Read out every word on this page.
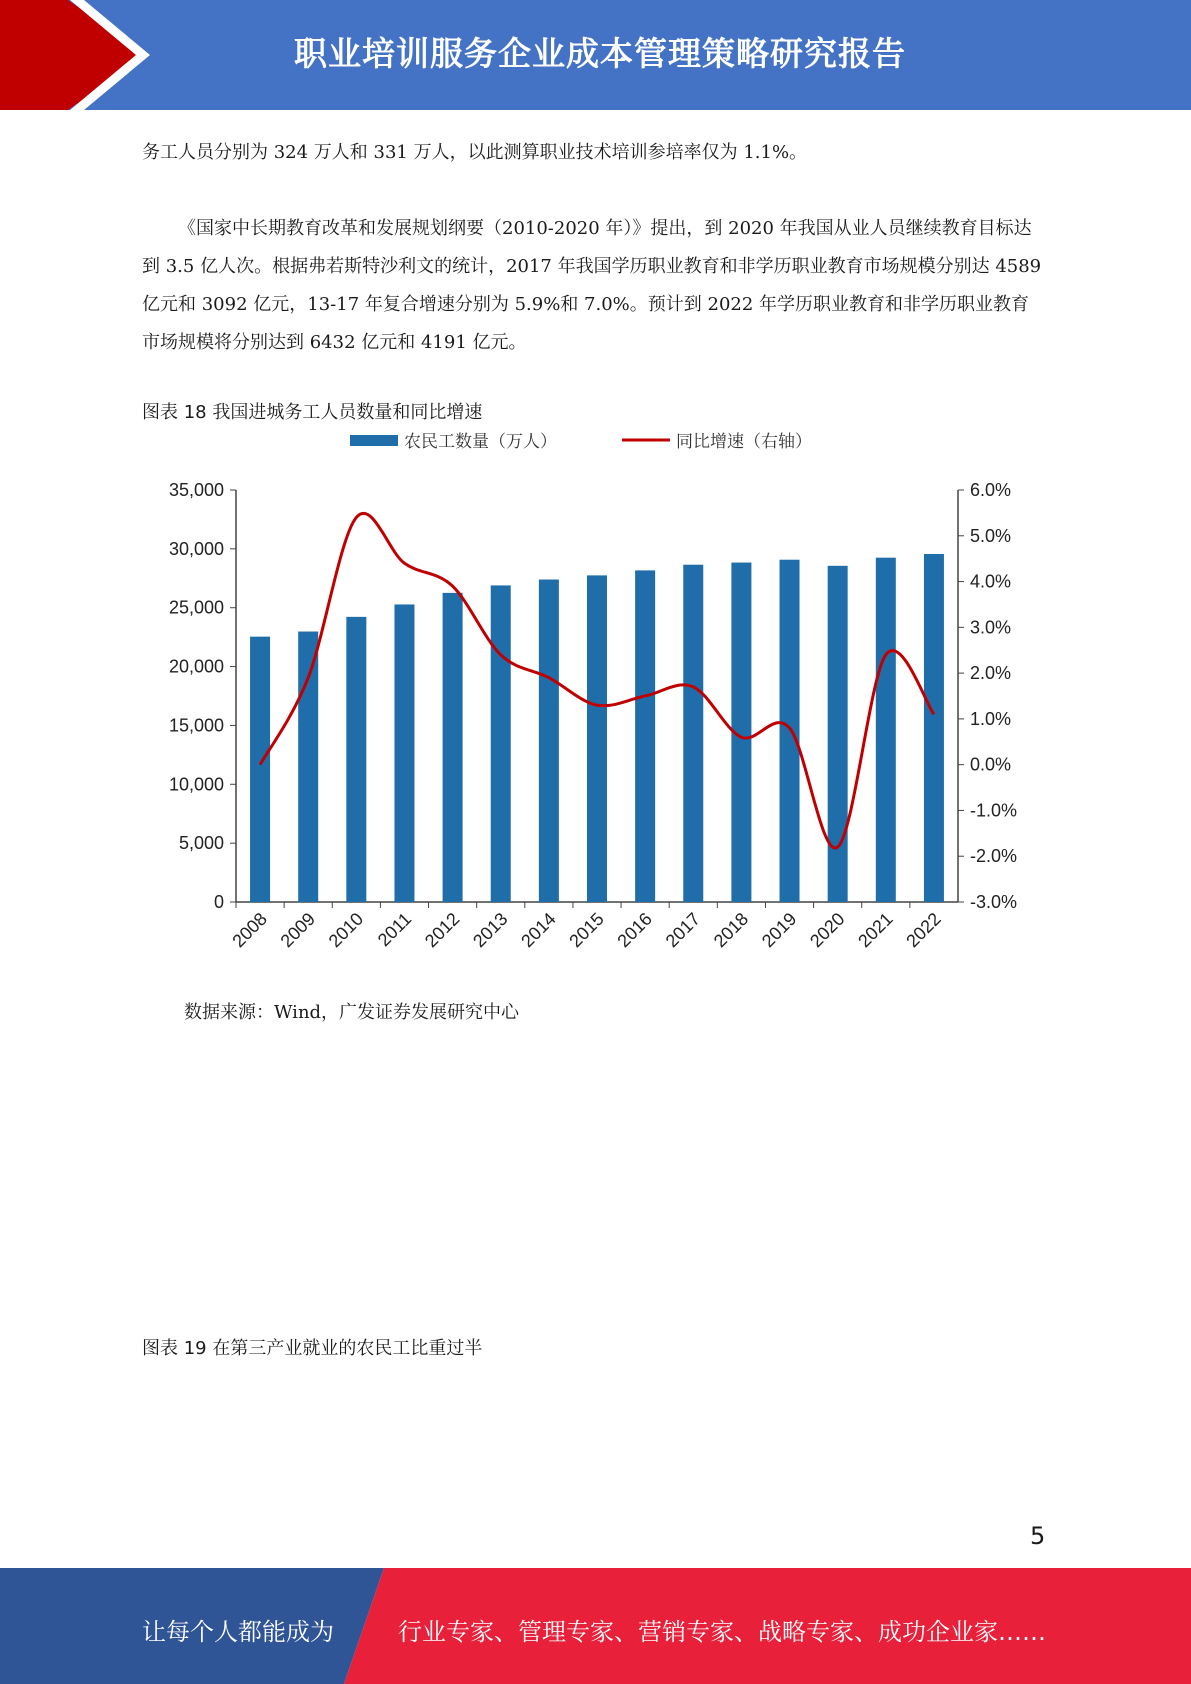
职业培训服务企业成本管理策略研究报告

务工人员分别为 324 万人和 331 万人，以此测算职业技术培训参培率仅为 1.1%。

《国家中长期教育改革和发展规划纲要（2010-2020 年）》提出，到 2020 年我国从业人员继续教育目标达到 3.5 亿人次。根据弗若斯特沙利文的统计，2017 年我国学历职业教育和非学历职业教育市场规模分别达 4589 亿元和 3092 亿元，13-17 年复合增速分别为 5.9%和 7.0%。预计到 2022 年学历职业教育和非学历职业教育市场规模将分别达到 6432 亿元和 4191 亿元。

图表 18 我国进城务工人员数量和同比增速

农民工数量（万人）	同比增速（右轴）
0
5,000
10,000
15,000
20,000
25,000
30,000
35,000
-3.0%
-2.0%
-1.0%
0.0%
1.0%
2.0%
3.0%
4.0%
5.0%
6.0%
2008 2009 2010 2011 2012 2013 2014 2015 2016 2017 2018 2019 2020 2021 2022

数据来源：Wind，广发证券发展研究中心

图表 19 在第三产业就业的农民工比重过半

5
让每个人都能成为	行业专家、管理专家、营销专家、战略专家、成功企业家……
